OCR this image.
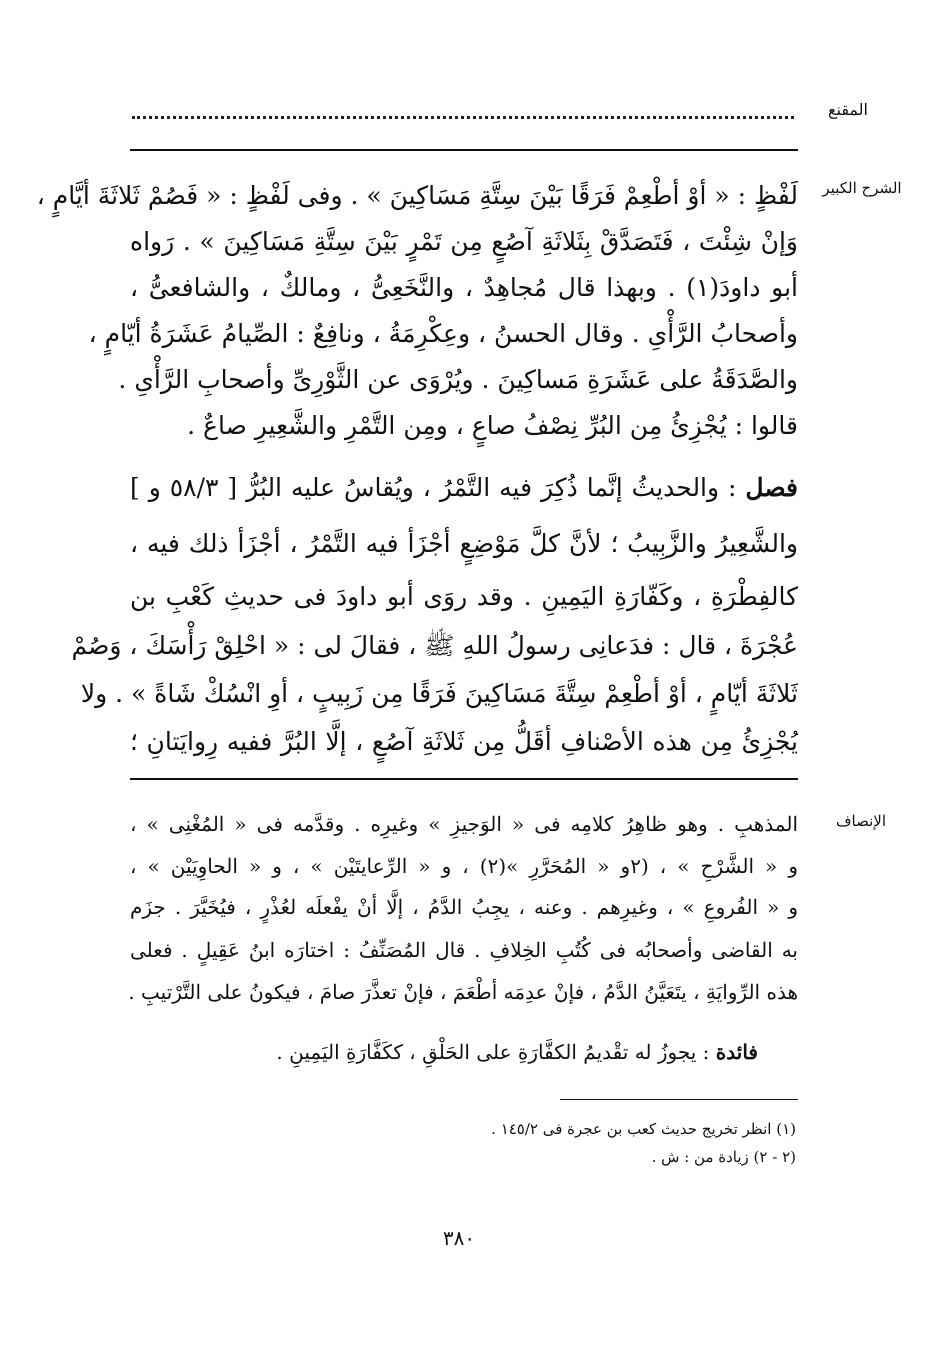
المقنع
الشرح الكبير
لَفْظٍ : « أوْ أطْعِمْ فَرَقًا بَيْنَ سِتَّةِ مَسَاكِينَ » . وفى لَفْظٍ : « فَصُمْ ثَلاثَةَ أيَّامٍ ،
وَإنْ شِئْتَ ، فَتَصَدَّقْ بِثَلاثَةِ آصُعٍ مِن تَمْرٍ بَيْنَ سِتَّةِ مَسَاكِينَ » . رَواه
أبو داودَ(١) . وبهذا قال مُجاهِدٌ ، والنَّخَعِىُّ ، ومالكٌ ، والشافعىُّ ،
وأصحابُ الرَّأْىِ . وقال الحسنُ ، وعِكْرِمَةُ ، ونافِعٌ : الصِّيامُ عَشَرَةُ أيّامٍ ،
والصَّدَقَةُ على عَشَرَةِ مَساكِينَ . ويُرْوَى عن الثَّوْرِىِّ وأصحابِ الرَّأْىِ .
قالوا : يُجْزِئُ مِن البُرِّ نِصْفُ صاعٍ ، ومِن التَّمْرِ والشَّعِيرِ صاعٌ .
فصل : والحديثُ إنَّما ذُكِرَ فيه التَّمْرُ ، ويُقاسُ عليه البُرُّ [ ٥٨/٣ و ]
والشَّعِيرُ والزَّبِيبُ ؛ لأنَّ كلَّ مَوْضِعٍ أجْزَأ فيه التَّمْرُ ، أجْزَأ ذلك فيه ،
كالفِطْرَةِ ، وكَفّارَةِ اليَمِينِ . وقد روَى أبو داودَ فى حديثِ كَعْبِ بن
عُجْرَةَ ، قال : فدَعانِى رسولُ اللهِ ﷺ ، فقالَ لى : « احْلِقْ رَأْسَكَ ، وَصُمْ
ثَلاثَةَ أيّامٍ ، أوْ أطْعِمْ سِتَّةَ مَسَاكِينَ فَرَقًا مِن زَبِيبٍ ، أوِ انْسُكْ شَاةً » . ولا
يُجْزِئُ مِن هذه الأصْنافِ أقَلُّ مِن ثَلاثَةِ آصُعٍ ، إلَّا البُرَّ ففيه رِوايَتانِ ؛
الإنصاف
المذهبِ . وهو ظاهِرُ كلامِه فى « الوَجيزِ » وغيرِه . وقدَّمه فى « المُغْنِى » ،
و « الشَّرْحِ » ، (٢و « المُحَرَّرِ »(٢) ، و « الرِّعايتَيْن » ، و « الحاوِيَيْن » ،
و « الفُروعِ » ، وغيرِهم . وعنه ، يجِبُ الدَّمُ ، إلَّا أنْ يفْعلَه لعُذْرٍ ، فيُخَيَّرَ . جزَم
به القاضى وأصحابُه فى كُتُبِ الخِلافِ . قال المُصَنِّفُ : اختارَه ابنُ عَقِيلٍ . فعلى
هذه الرِّوايَةِ ، يتَعَيَّنُ الدَّمُ ، فإنْ عدِمَه أطْعَمَ ، فإنْ تعذَّرَ صامَ ، فيكونُ على التَّرْتيبِ .
فائدة : يجوزُ له تقْديمُ الكفَّارَةِ على الحَلْقِ ، ككَفَّارَةِ اليَمِينِ .
(١) انظر تخريج حديث كعب بن عجرة فى ١٤٥/٢ .
(٢ - ٢) زيادة من : ش .
٣٨٠
